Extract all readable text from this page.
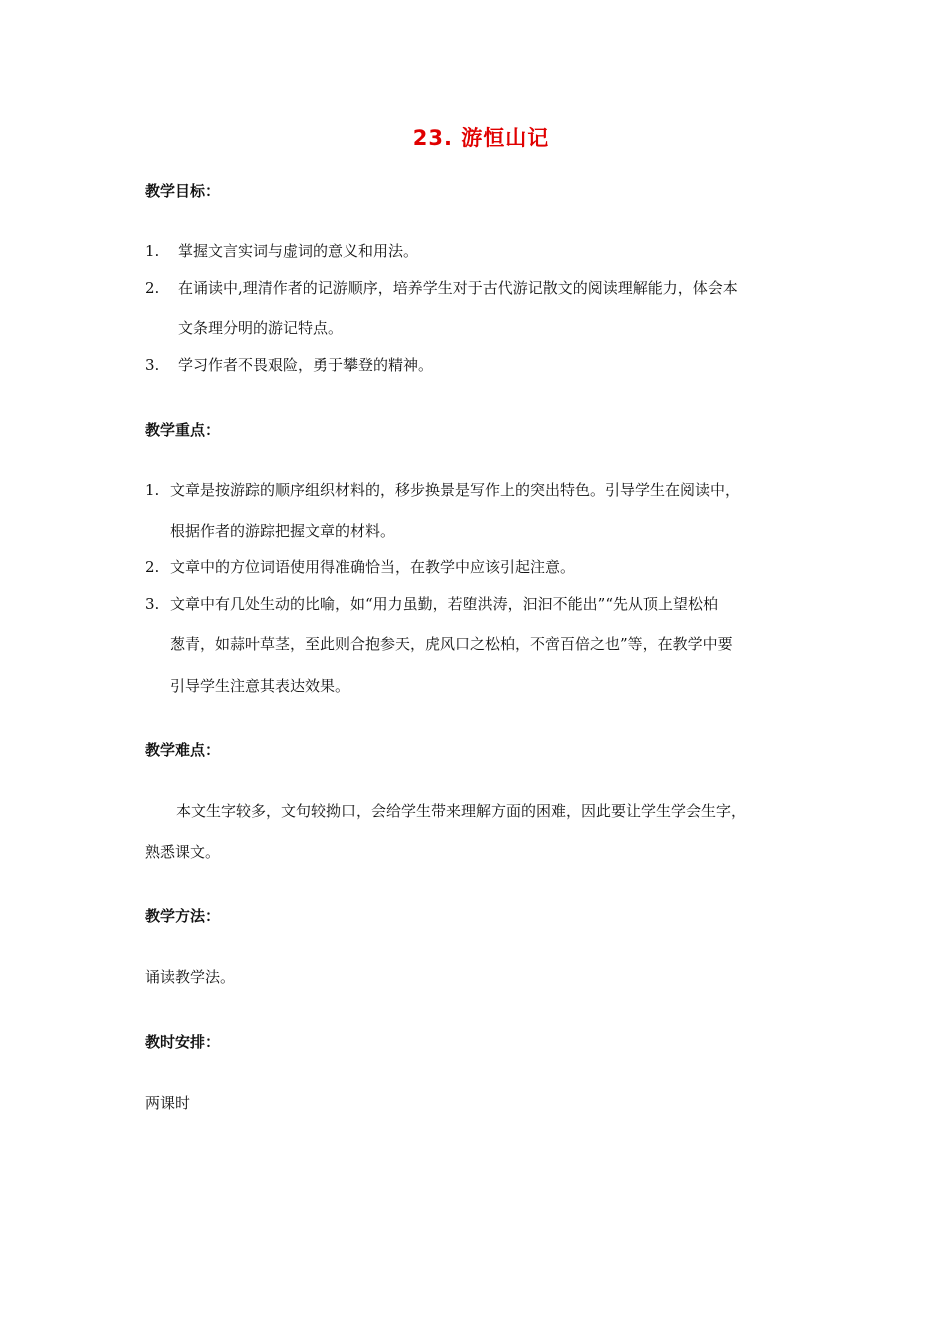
23. 游恒山记
教学目标：
1. 掌握文言实词与虚词的意义和用法。
2. 在诵读中,理清作者的记游顺序，培养学生对于古代游记散文的阅读理解能力，体会本
文条理分明的游记特点。
3. 学习作者不畏艰险，勇于攀登的精神。
教学重点：
1. 文章是按游踪的顺序组织材料的，移步换景是写作上的突出特色。引导学生在阅读中，
根据作者的游踪把握文章的材料。
2. 文章中的方位词语使用得准确恰当，在教学中应该引起注意。
3. 文章中有几处生动的比喻，如“用力虽勤，若堕洪涛，汩汩不能出”“先从顶上望松柏
葱青，如蒜叶草茎，至此则合抱参天，虎风口之松柏，不啻百倍之也”等，在教学中要
引导学生注意其表达效果。
教学难点：
本文生字较多，文句较拗口，会给学生带来理解方面的困难，因此要让学生学会生字，
熟悉课文。
教学方法：
诵读教学法。
教时安排：
两课时
